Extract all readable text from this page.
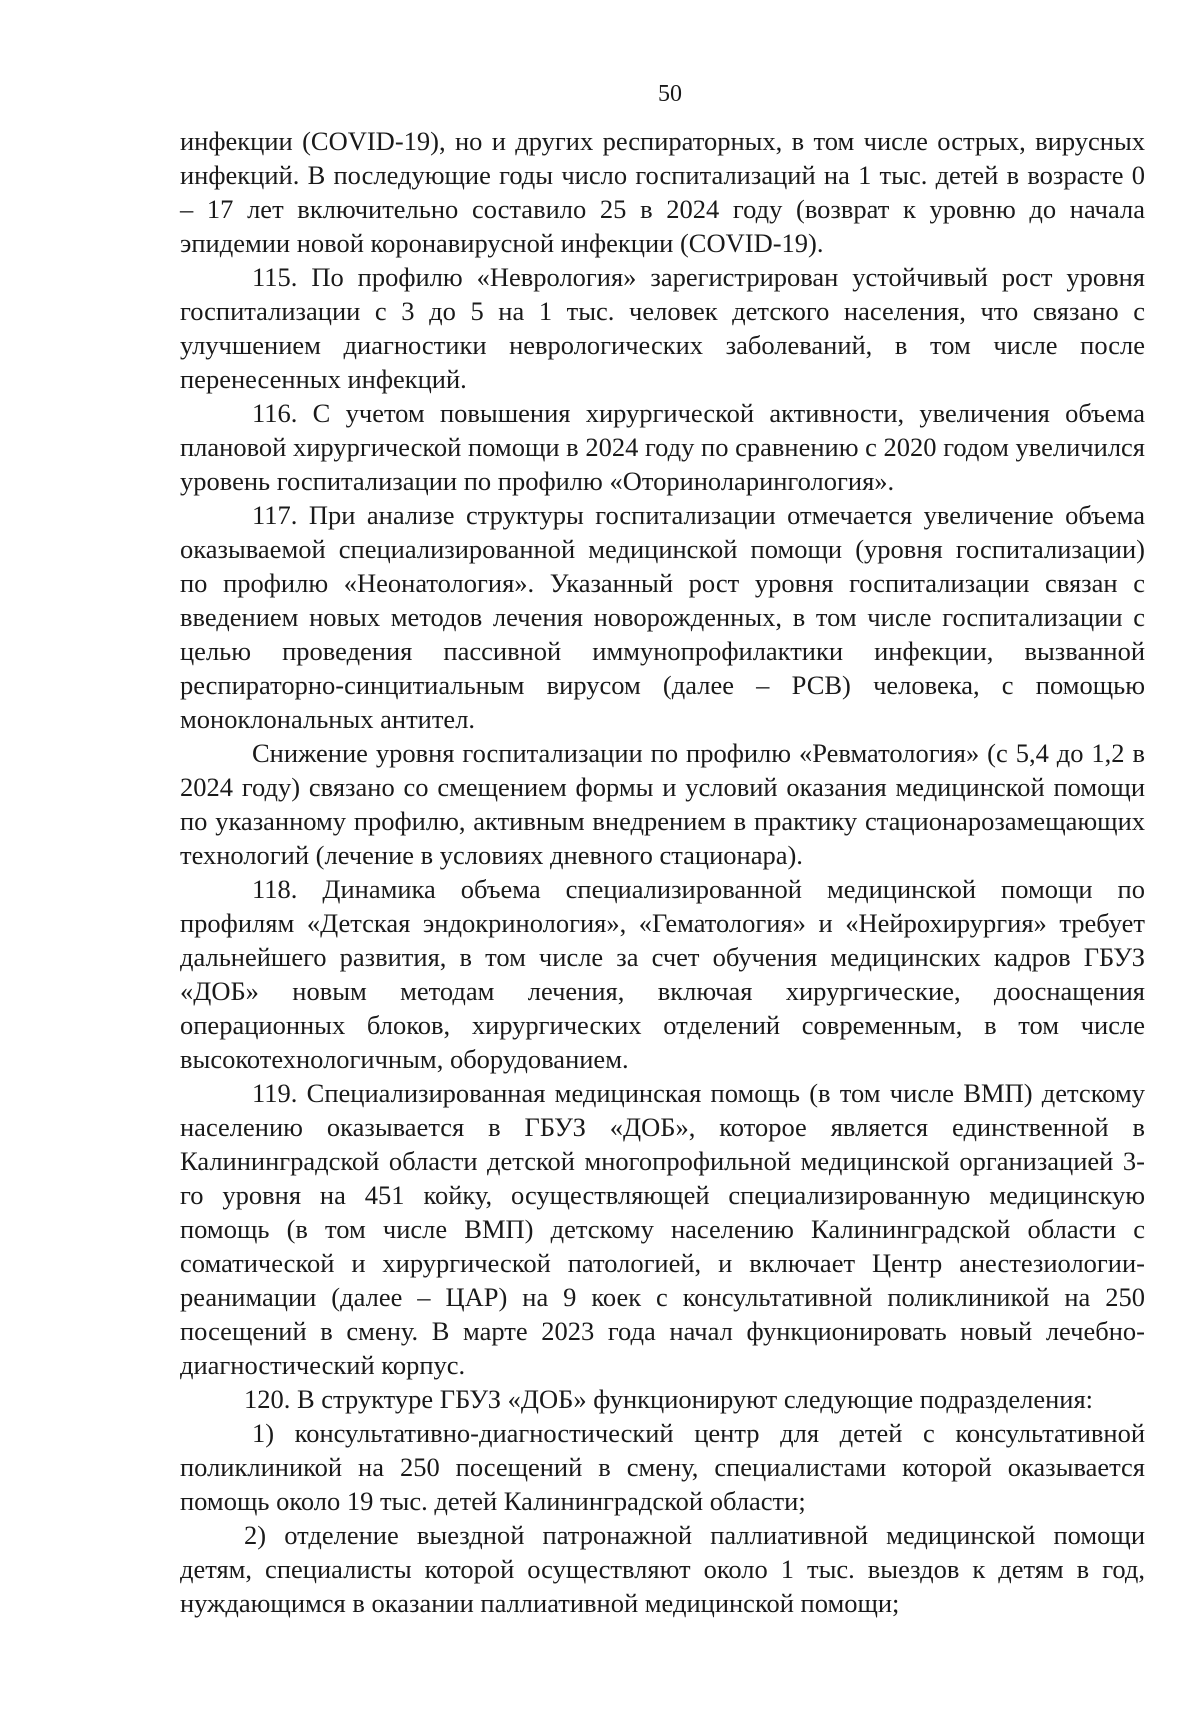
50

инфекции (COVID-19), но и других респираторных, в том числе острых, вирусных инфекций. В последующие годы число госпитализаций на 1 тыс. детей в возрасте 0 – 17 лет включительно составило 25 в 2024 году (возврат к уровню до начала эпидемии новой коронавирусной инфекции (COVID-19).

115. По профилю «Неврология» зарегистрирован устойчивый рост уровня госпитализации с 3 до 5 на 1 тыс. человек детского населения, что связано с улучшением диагностики неврологических заболеваний, в том числе после перенесенных инфекций.

116. С учетом повышения хирургической активности, увеличения объема плановой хирургической помощи в 2024 году по сравнению с 2020 годом увеличился уровень госпитализации по профилю «Оториноларингология».

117. При анализе структуры госпитализации отмечается увеличение объема оказываемой специализированной медицинской помощи (уровня госпитализации) по профилю «Неонатология». Указанный рост уровня госпитализации связан с введением новых методов лечения новорожденных, в том числе госпитализации с целью проведения пассивной иммунопрофилактики инфекции, вызванной респираторно-синцитиальным вирусом (далее – РСВ) человека, с помощью моноклональных антител.

Снижение уровня госпитализации по профилю «Ревматология» (с 5,4 до 1,2 в 2024 году) связано со смещением формы и условий оказания медицинской помощи по указанному профилю, активным внедрением в практику стационарозамещающих технологий (лечение в условиях дневного стационара).

118. Динамика объема специализированной медицинской помощи по профилям «Детская эндокринология», «Гематология» и «Нейрохирургия» требует дальнейшего развития, в том числе за счет обучения медицинских кадров ГБУЗ «ДОБ» новым методам лечения, включая хирургические, дооснащения операционных блоков, хирургических отделений современным, в том числе высокотехнологичным, оборудованием.

119. Специализированная медицинская помощь (в том числе ВМП) детскому населению оказывается в ГБУЗ «ДОБ», которое является единственной в Калининградской области детской многопрофильной медицинской организацией 3-го уровня на 451 койку, осуществляющей специализированную медицинскую помощь (в том числе ВМП) детскому населению Калининградской области с соматической и хирургической патологией, и включает Центр анестезиологии-реанимации (далее – ЦАР) на 9 коек с консультативной поликлиникой на 250 посещений в смену. В марте 2023 года начал функционировать новый лечебно-диагностический корпус.

120. В структуре ГБУЗ «ДОБ» функционируют следующие подразделения:

1) консультативно-диагностический центр для детей с консультативной поликлиникой на 250 посещений в смену, специалистами которой оказывается помощь около 19 тыс. детей Калининградской области;

2) отделение выездной патронажной паллиативной медицинской помощи детям, специалисты которой осуществляют около 1 тыс. выездов к детям в год, нуждающимся в оказании паллиативной медицинской помощи;
